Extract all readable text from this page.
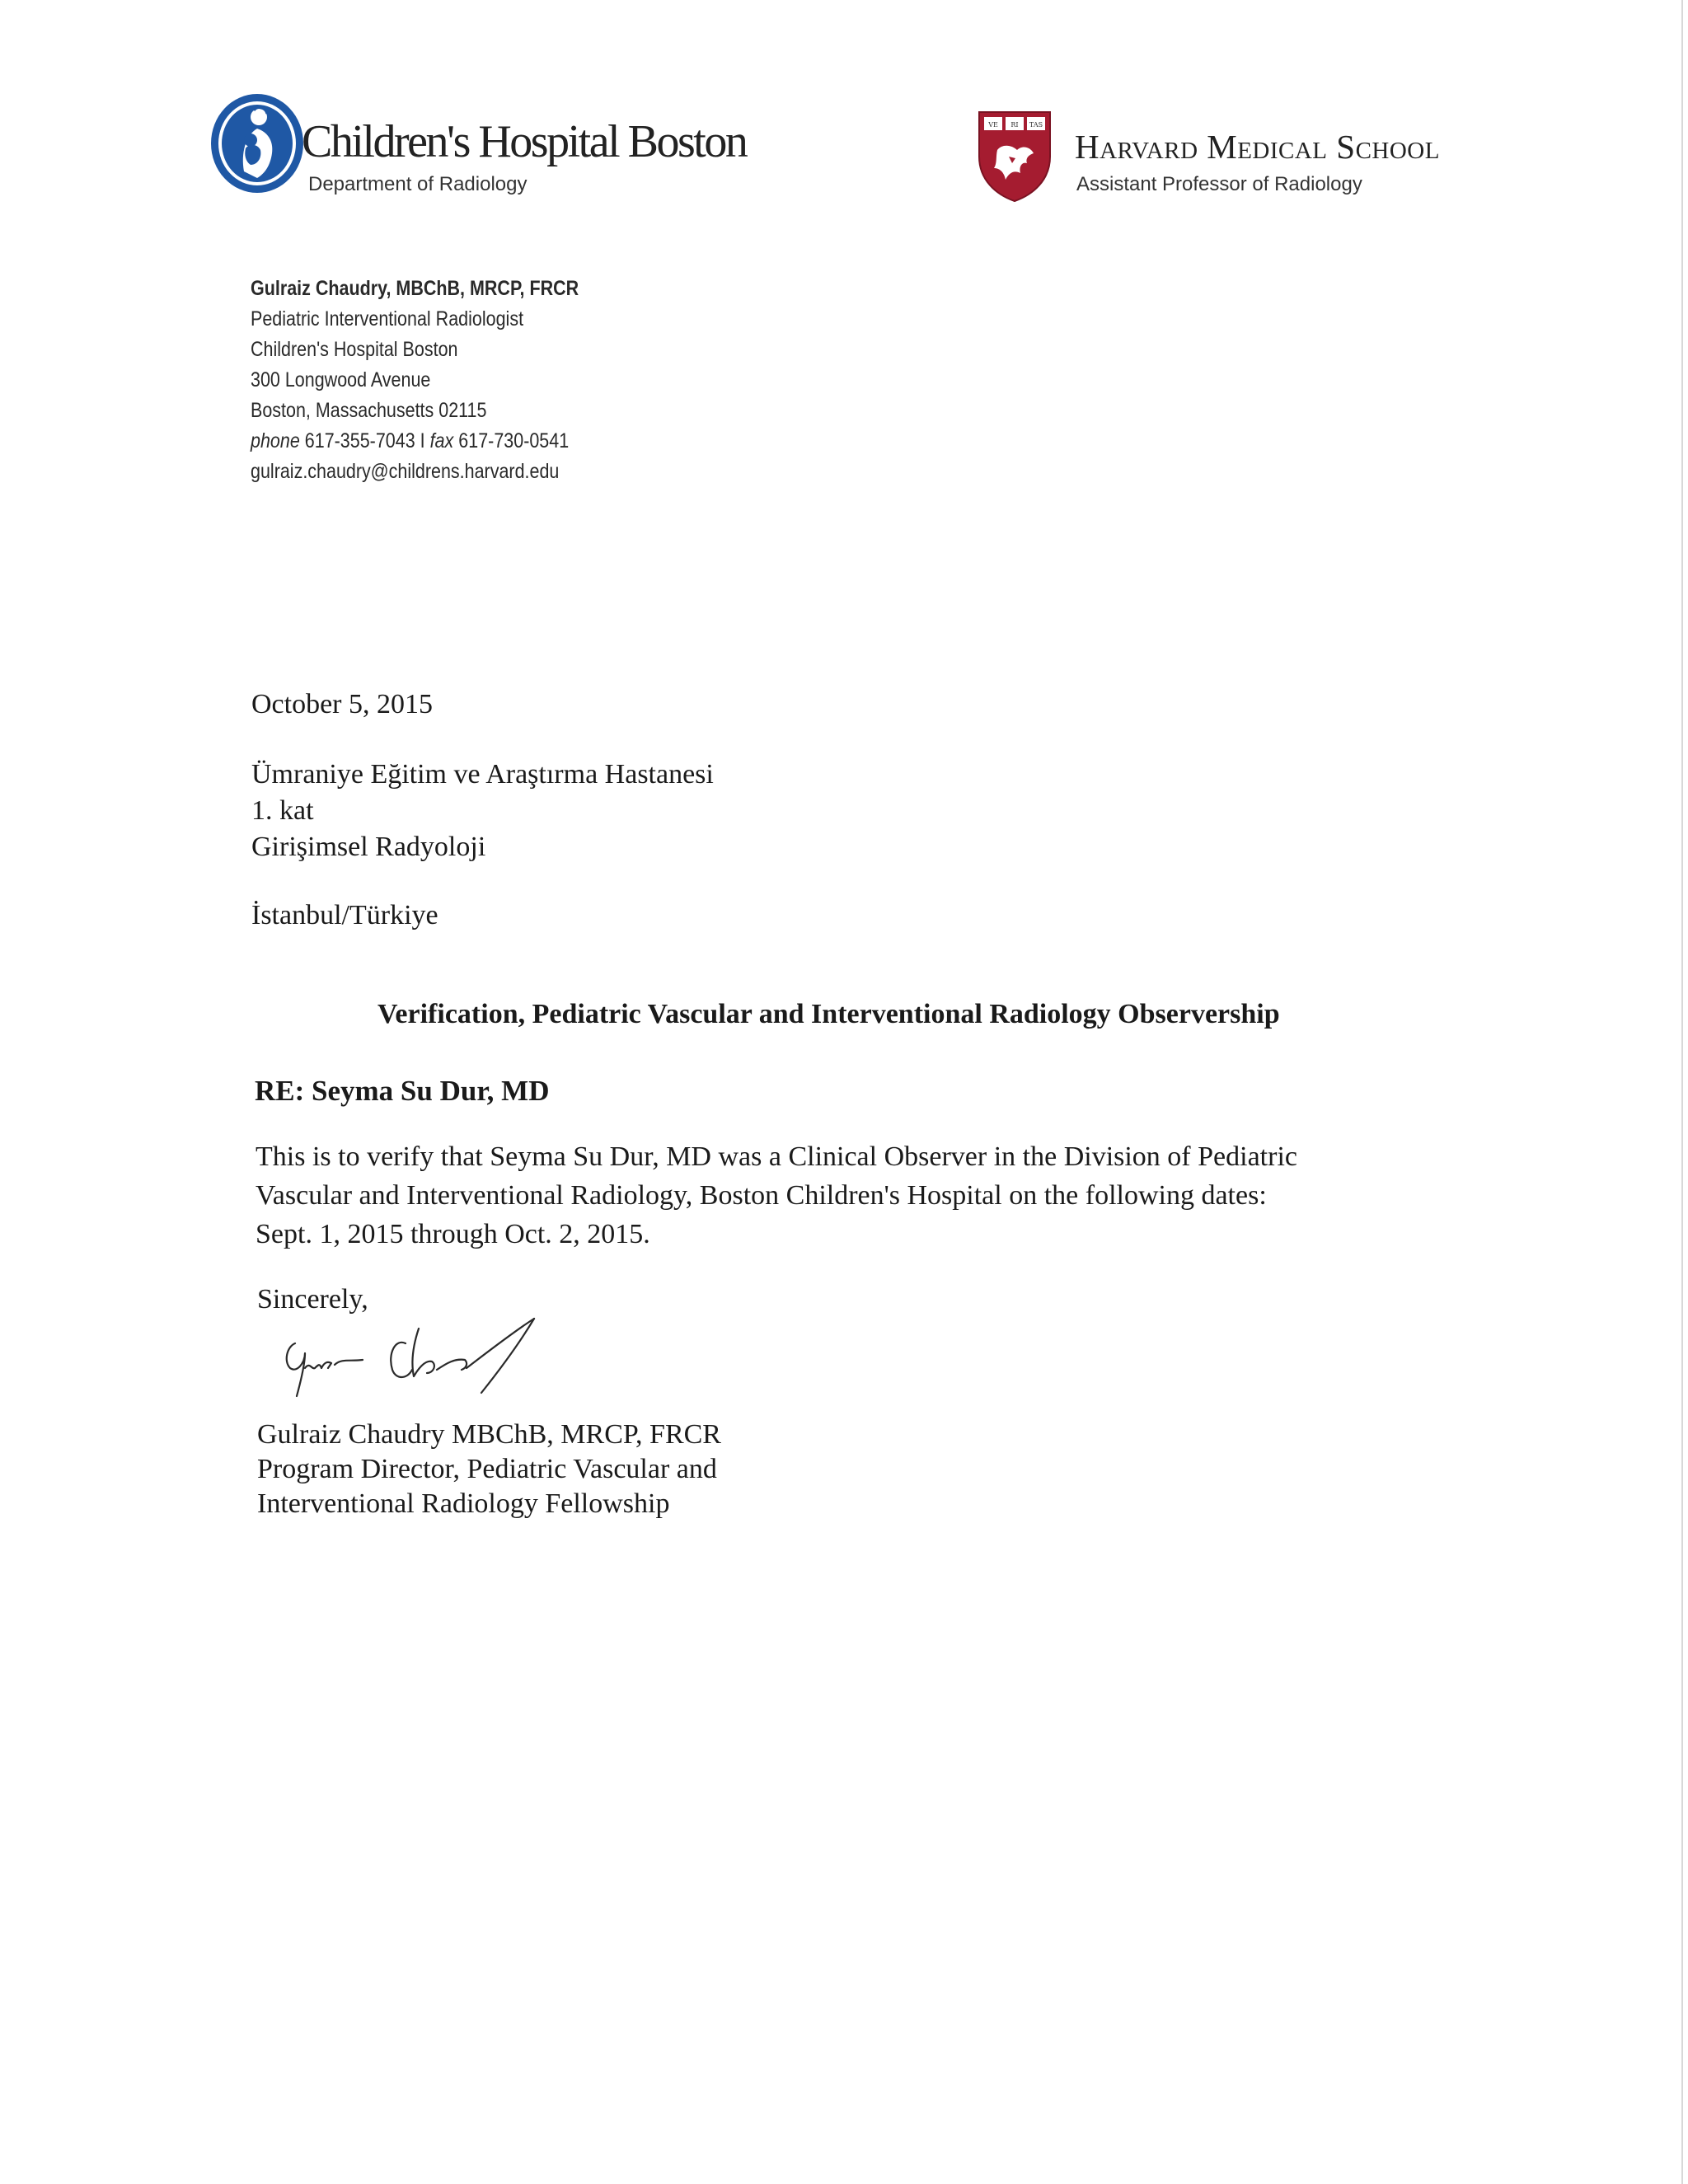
Children's Hospital Boston
Department of Radiology
VE RI TAS
Harvard Medical School
Assistant Professor of Radiology
Gulraiz Chaudry, MBChB, MRCP, FRCR
Pediatric Interventional Radiologist
Children's Hospital Boston
300 Longwood Avenue
Boston, Massachusetts 02115
phone 617-355-7043 I fax 617-730-0541
gulraiz.chaudry@childrens.harvard.edu
October 5, 2015
Ümraniye Eğitim ve Araştırma Hastanesi
1. kat
Girişimsel Radyoloji
İstanbul/Türkiye
Verification, Pediatric Vascular and Interventional Radiology Observership
RE: Seyma Su Dur, MD
This is to verify that Seyma Su Dur, MD was a Clinical Observer in the Division of Pediatric
Vascular and Interventional Radiology, Boston Children's Hospital on the following dates:
Sept. 1, 2015 through Oct. 2, 2015.
Sincerely,
Gulraiz Chaudry MBChB, MRCP, FRCR
Program Director, Pediatric Vascular and
Interventional Radiology Fellowship
